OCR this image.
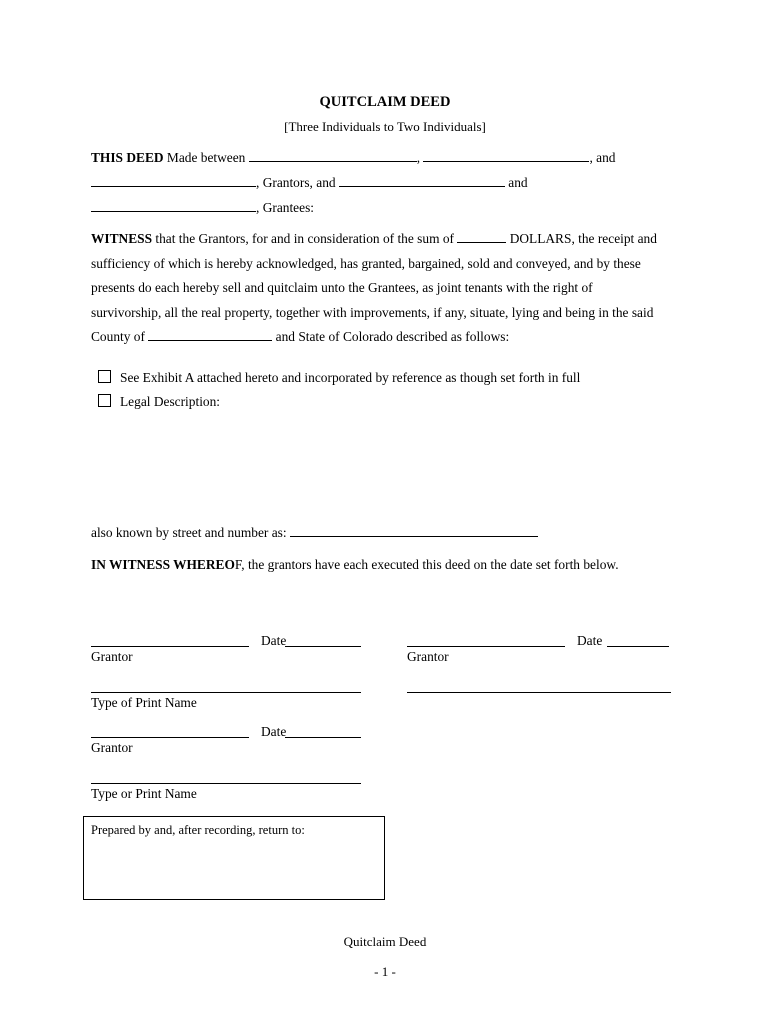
QUITCLAIM DEED
[Three Individuals to Two Individuals]
THIS DEED Made between	,	, and
, Grantors, and	and
, Grantees:
WITNESS that the Grantors, for and in consideration of the sum of	DOLLARS, the receipt and
sufficiency of which is hereby acknowledged, has granted, bargained, sold and conveyed, and by these
presents do each hereby sell and quitclaim unto the Grantees, as joint tenants with the right of
survivorship, all the real property, together with improvements, if any, situate, lying and being in the said
County of	and State of Colorado described as follows:
See Exhibit A attached hereto and incorporated by reference as though set forth in full
Legal Description:
also known by street and number as:
IN WITNESS WHEREOF, the grantors have each executed this deed on the date set forth below.
Date
Grantor
Date
Grantor
Type of Print Name
Date
Grantor
Type or Print Name
Prepared by and, after recording, return to:
Quitclaim Deed
- 1 -
